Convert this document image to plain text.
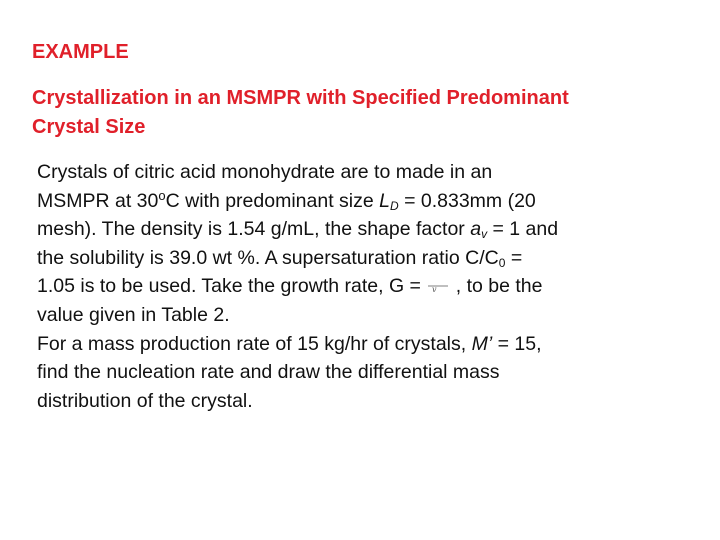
EXAMPLE
Crystallization in an MSMPR with Specified Predominant
Crystal Size

Crystals of citric acid monohydrate are to made in an
MSMPR at 30$^o$C with predominant size $L_D = 0.833mm$ (20
mesh). The density is 1.54 g/mL, the shape factor $a_v = 1$ and
the solubility is 39.0 wt %. A supersaturation ratio $C/C_0$ =
1.05 is to be used. Take the growth rate, G = v , to be the
value given in Table 2.
For a mass production rate of 15 kg/hr of crystals, M’ = 15,
find the nucleation rate and draw the differential mass
distribution of the crystal.
